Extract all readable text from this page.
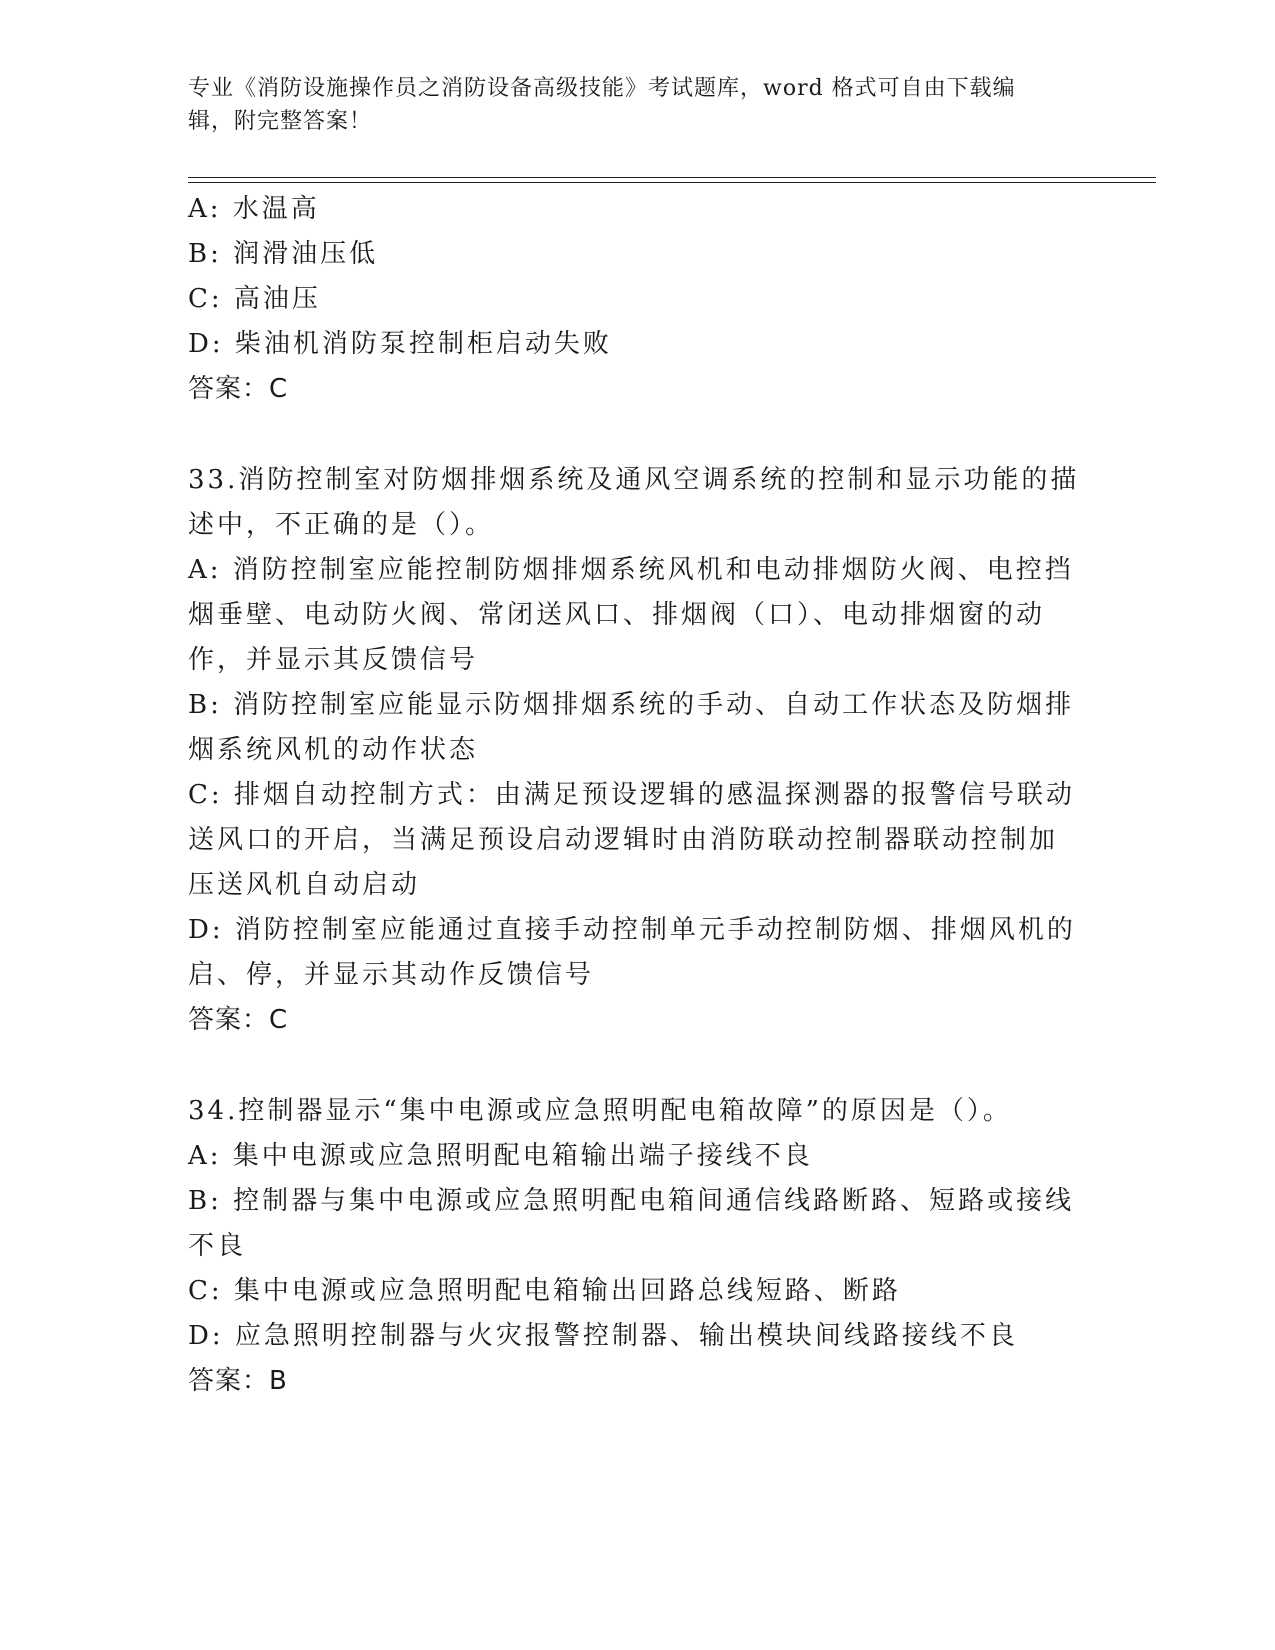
专业《消防设施操作员之消防设备高级技能》考试题库，word 格式可自由下载编
辑，附完整答案！
A: 水温高
B: 润滑油压低
C: 高油压
D: 柴油机消防泵控制柜启动失败
答案：C
33.消防控制室对防烟排烟系统及通风空调系统的控制和显示功能的描
述中，不正确的是（）。
A: 消防控制室应能控制防烟排烟系统风机和电动排烟防火阀、电控挡
烟垂壁、电动防火阀、常闭送风口、排烟阀（口）、电动排烟窗的动
作，并显示其反馈信号
B: 消防控制室应能显示防烟排烟系统的手动、自动工作状态及防烟排
烟系统风机的动作状态
C: 排烟自动控制方式：由满足预设逻辑的感温探测器的报警信号联动
送风口的开启，当满足预设启动逻辑时由消防联动控制器联动控制加
压送风机自动启动
D: 消防控制室应能通过直接手动控制单元手动控制防烟、排烟风机的
启、停，并显示其动作反馈信号
答案：C
34.控制器显示“集中电源或应急照明配电箱故障”的原因是（）。
A: 集中电源或应急照明配电箱输出端子接线不良
B: 控制器与集中电源或应急照明配电箱间通信线路断路、短路或接线
不良
C: 集中电源或应急照明配电箱输出回路总线短路、断路
D: 应急照明控制器与火灾报警控制器、输出模块间线路接线不良
答案：B
